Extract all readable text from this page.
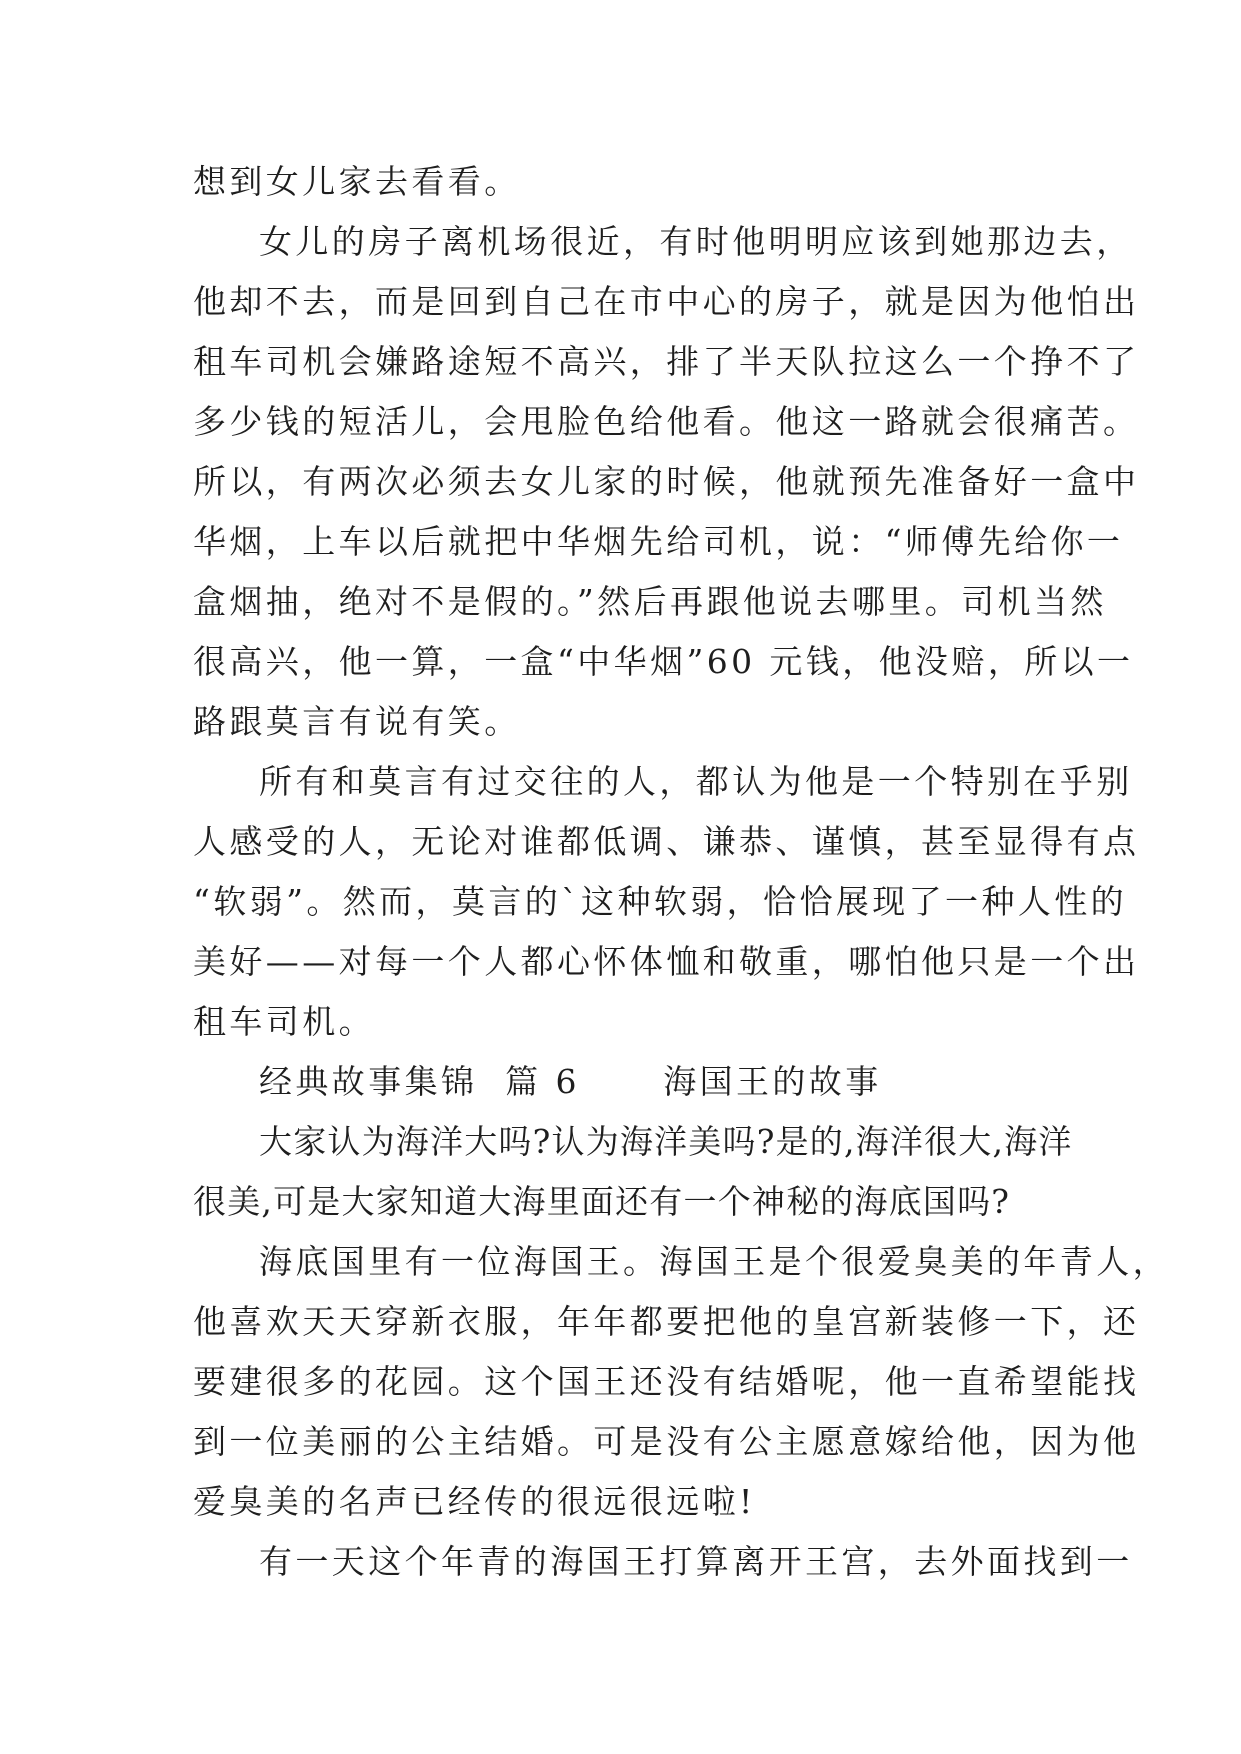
想到女儿家去看看。
女儿的房子离机场很近，有时他明明应该到她那边去，
他却不去，而是回到自己在市中心的房子，就是因为他怕出
租车司机会嫌路途短不高兴，排了半天队拉这么一个挣不了
多少钱的短活儿，会甩脸色给他看。他这一路就会很痛苦。
所以，有两次必须去女儿家的时候，他就预先准备好一盒中
华烟，上车以后就把中华烟先给司机，说：“师傅先给你一
盒烟抽，绝对不是假的。”然后再跟他说去哪里。司机当然
很高兴，他一算，一盒“中华烟”60 元钱，他没赔，所以一
路跟莫言有说有笑。
所有和莫言有过交往的人，都认为他是一个特别在乎别
人感受的人，无论对谁都低调、谦恭、谨慎，甚至显得有点
“软弱”。然而，莫言的`这种软弱，恰恰展现了一种人性的
美好——对每一个人都心怀体恤和敬重，哪怕他只是一个出
租车司机。
经典故事集锦  篇 6      海国王的故事
大家认为海洋大吗?认为海洋美吗?是的,海洋很大,海洋
很美,可是大家知道大海里面还有一个神秘的海底国吗?
海底国里有一位海国王。海国王是个很爱臭美的年青人，
他喜欢天天穿新衣服，年年都要把他的皇宫新装修一下，还
要建很多的花园。这个国王还没有结婚呢，他一直希望能找
到一位美丽的公主结婚。可是没有公主愿意嫁给他，因为他
爱臭美的名声已经传的很远很远啦!
有一天这个年青的海国王打算离开王宫，去外面找到一
